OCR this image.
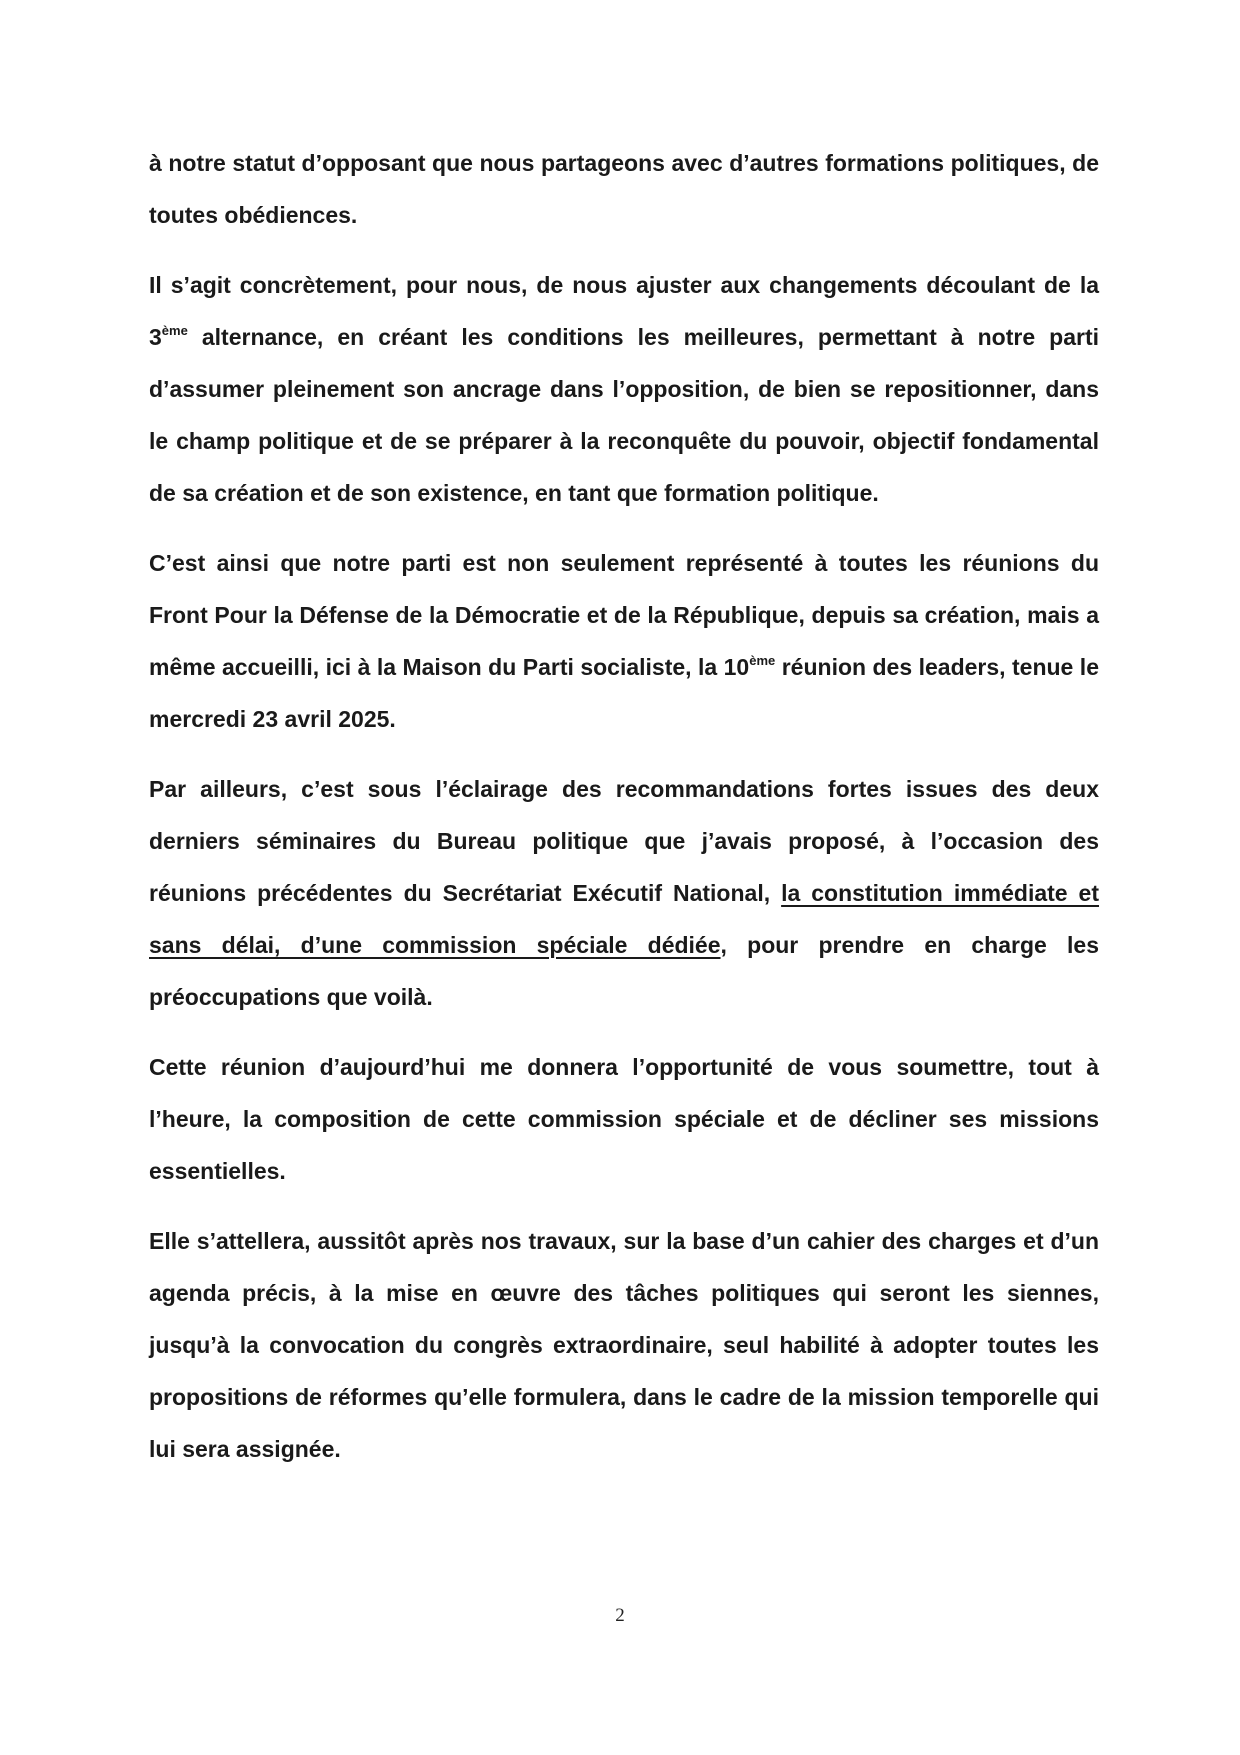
à notre statut d’opposant que nous partageons avec d’autres formations politiques, de toutes obédiences.

Il s’agit concrètement, pour nous, de nous ajuster aux changements découlant de la 3ème alternance, en créant les conditions les meilleures, permettant à notre parti d’assumer pleinement son ancrage dans l’opposition, de bien se repositionner, dans le champ politique et de se préparer à la reconquête du pouvoir, objectif fondamental de sa création et de son existence, en tant que formation politique.

C’est ainsi que notre parti est non seulement représenté à toutes les réunions du Front Pour la Défense de la Démocratie et de la République, depuis sa création, mais a même accueilli, ici à la Maison du Parti socialiste, la 10ème réunion des leaders, tenue le mercredi 23 avril 2025.

Par ailleurs, c’est sous l’éclairage des recommandations fortes issues des deux derniers séminaires du Bureau politique que j’avais proposé, à l’occasion des réunions précédentes du Secrétariat Exécutif National, la constitution immédiate et sans délai, d’une commission spéciale dédiée, pour prendre en charge les préoccupations que voilà.

Cette réunion d’aujourd’hui me donnera l’opportunité de vous soumettre, tout à l’heure, la composition de cette commission spéciale et de décliner ses missions essentielles.

Elle s’attellera, aussitôt après nos travaux, sur la base d’un cahier des charges et d’un agenda précis, à la mise en œuvre des tâches politiques qui seront les siennes, jusqu’à la convocation du congrès extraordinaire, seul habilité à adopter toutes les propositions de réformes qu’elle formulera, dans le cadre de la mission temporelle qui lui sera assignée.

2
